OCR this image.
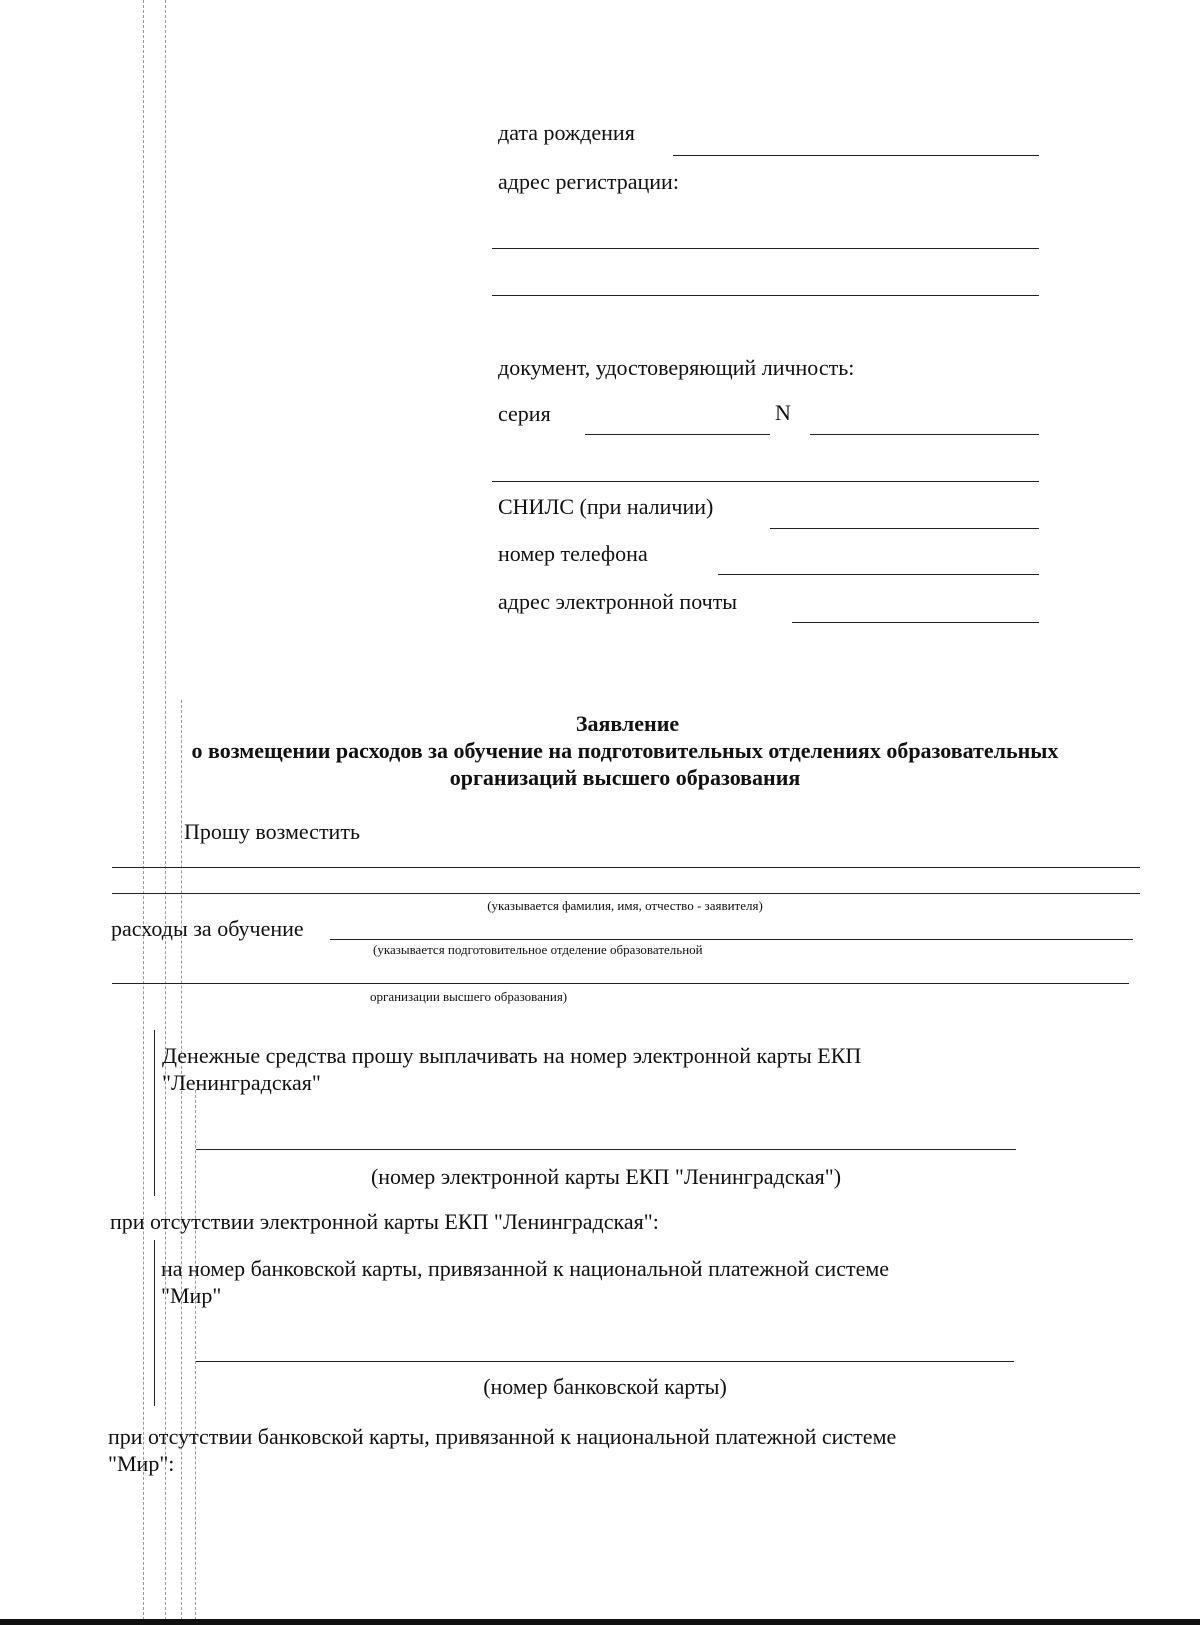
дата рождения
адрес регистрации:
документ, удостоверяющий личность:
серия	N
СНИЛС (при наличии)
номер телефона
адрес электронной почты
Заявление
о возмещении расходов за обучение на подготовительных отделениях образовательных
организаций высшего образования
Прошу возместить
(указывается фамилия, имя, отчество - заявителя)
расходы за обучение
(указывается подготовительное отделение образовательной
организации высшего образования)
Денежные средства прошу выплачивать на номер электронной карты ЕКП
"Ленинградская"
(номер электронной карты ЕКП "Ленинградская")
при отсутствии электронной карты ЕКП "Ленинградская":
на номер банковской карты, привязанной к национальной платежной системе
"Мир"
(номер банковской карты)
при отсутствии банковской карты, привязанной к национальной платежной системе
"Мир":
